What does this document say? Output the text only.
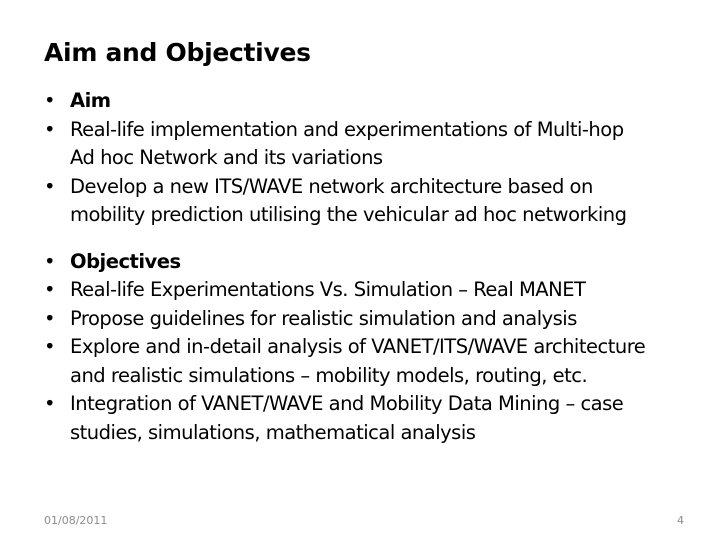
Aim and Objectives
• Aim
• Real-life implementation and experimentations of Multi-hop
Ad hoc Network and its variations
• Develop a new ITS/WAVE network architecture based on
mobility prediction utilising the vehicular ad hoc networking
• Objectives
• Real-life Experimentations Vs. Simulation – Real MANET
• Propose guidelines for realistic simulation and analysis
• Explore and in-detail analysis of VANET/ITS/WAVE architecture
and realistic simulations – mobility models, routing, etc.
• Integration of VANET/WAVE and Mobility Data Mining – case
studies, simulations, mathematical analysis
01/08/2011	4
